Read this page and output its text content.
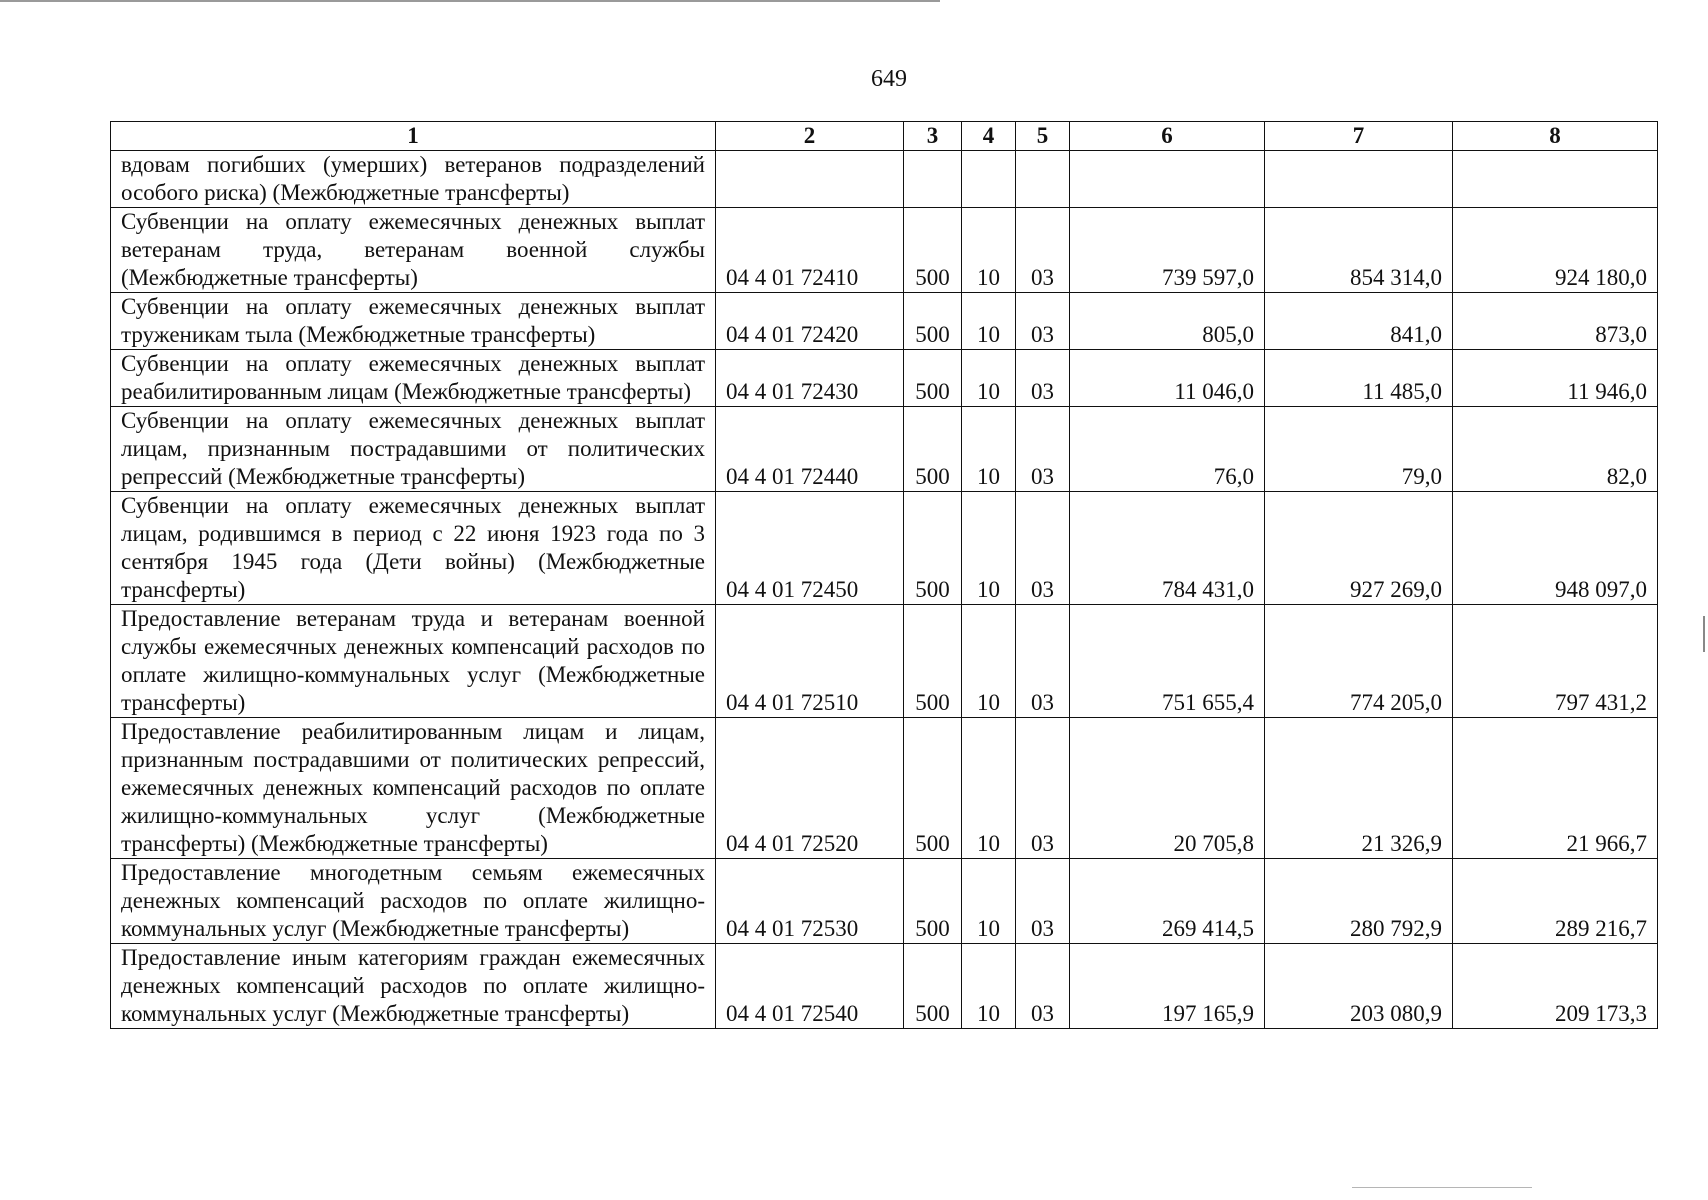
649
1	2	3	4	5	6	7	8
вдовам погибших (умерших) ветеранов подразделений особого риска) (Межбюджетные трансферты)							
Субвенции на оплату ежемесячных денежных выплат ветеранам труда, ветеранам военной службы (Межбюджетные трансферты)	04 4 01 72410	500	10	03	739 597,0	854 314,0	924 180,0
Субвенции на оплату ежемесячных денежных выплат труженикам тыла (Межбюджетные трансферты)	04 4 01 72420	500	10	03	805,0	841,0	873,0
Субвенции на оплату ежемесячных денежных выплат реабилитированным лицам (Межбюджетные трансферты)	04 4 01 72430	500	10	03	11 046,0	11 485,0	11 946,0
Субвенции на оплату ежемесячных денежных выплат лицам, признанным пострадавшими от политических репрессий (Межбюджетные трансферты)	04 4 01 72440	500	10	03	76,0	79,0	82,0
Субвенции на оплату ежемесячных денежных выплат лицам, родившимся в период с 22 июня 1923 года по 3 сентября 1945 года (Дети войны) (Межбюджетные трансферты)	04 4 01 72450	500	10	03	784 431,0	927 269,0	948 097,0
Предоставление ветеранам труда и ветеранам военной службы ежемесячных денежных компенсаций расходов по оплате жилищно-коммунальных услуг (Межбюджетные трансферты)	04 4 01 72510	500	10	03	751 655,4	774 205,0	797 431,2
Предоставление реабилитированным лицам и лицам, признанным пострадавшими от политических репрессий, ежемесячных денежных компенсаций расходов по оплате жилищно-коммунальных услуг (Межбюджетные трансферты) (Межбюджетные трансферты)	04 4 01 72520	500	10	03	20 705,8	21 326,9	21 966,7
Предоставление многодетным семьям ежемесячных денежных компенсаций расходов по оплате жилищно-коммунальных услуг (Межбюджетные трансферты)	04 4 01 72530	500	10	03	269 414,5	280 792,9	289 216,7
Предоставление иным категориям граждан ежемесячных денежных компенсаций расходов по оплате жилищно-коммунальных услуг (Межбюджетные трансферты)	04 4 01 72540	500	10	03	197 165,9	203 080,9	209 173,3
